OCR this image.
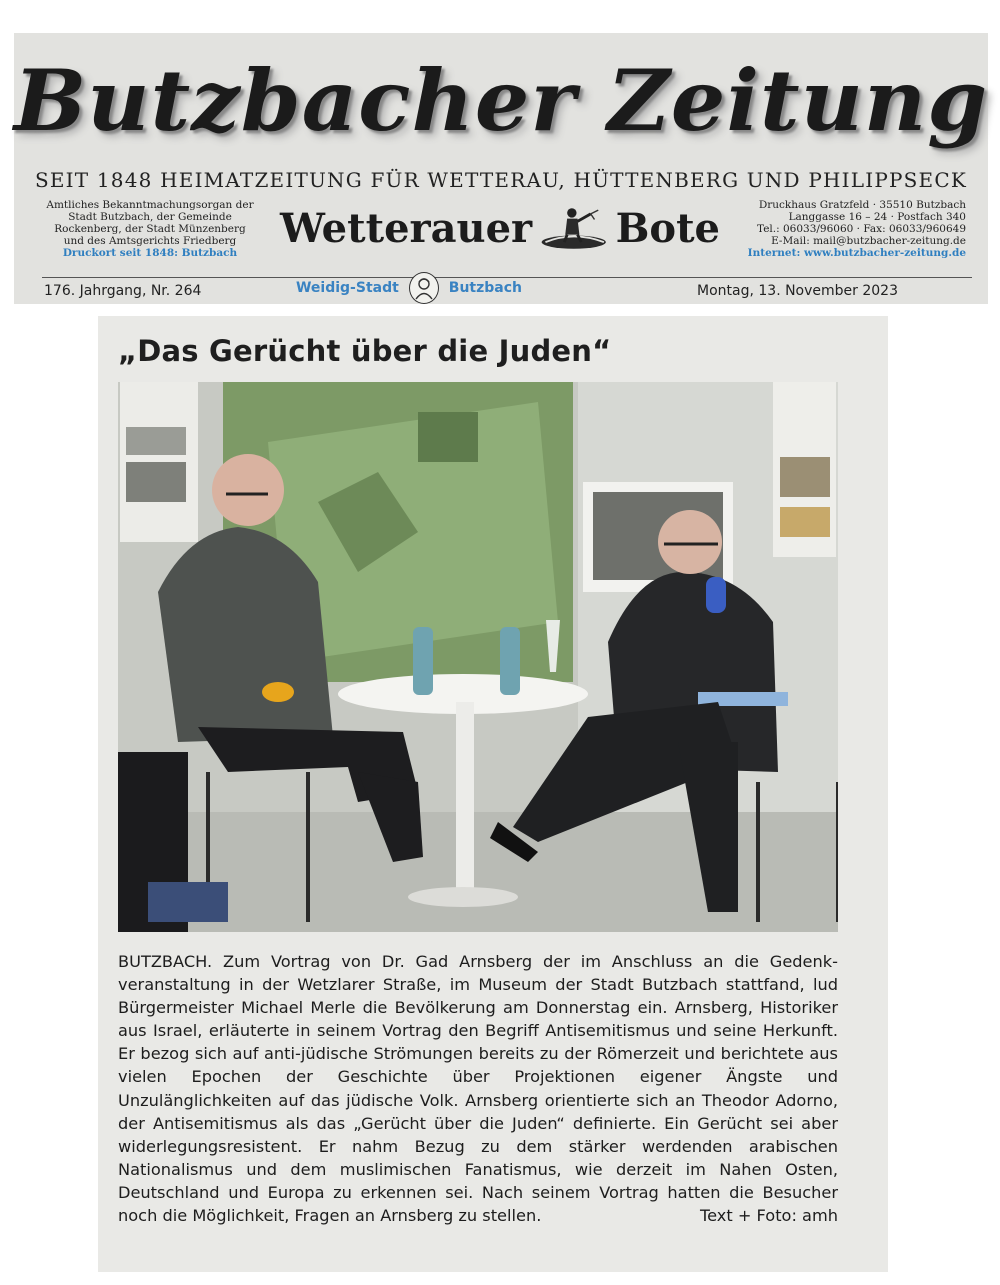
Butzbacher Zeitung
SEIT 1848 HEIMATZEITUNG FÜR WETTERAU, HÜTTENBERG UND PHILIPPSECK
Amtliches Bekanntmachungsorgan der
Stadt Butzbach, der Gemeinde
Rockenberg, der Stadt Münzenberg
und des Amtsgerichts Friedberg
Druckort seit 1848: Butzbach
Wetterauer Bote	Druckhaus Gratzfeld · 35510 Butzbach
Langgasse 16 – 24 · Postfach 340
Tel.: 06033/96060 · Fax: 06033/960649
E-Mail: mail@butzbacher-zeitung.de
Internet: www.butzbacher-zeitung.de
176. Jahrgang, Nr. 264	Weidig-Stadt	Butzbach	Montag, 13. November 2023
„Das Gerücht über die Juden“
BUTZBACH. Zum Vortrag von Dr. Gad Arnsberg der im Anschluss an die Gedenkveranstaltung in der Wetzlarer Straße, im Museum der Stadt Butzbach stattfand, lud Bürgermeister Michael Merle die Bevölkerung am Donnerstag ein. Arnsberg, Historiker aus Israel, erläuterte in seinem Vortrag den Begriff Antisemitismus und seine Herkunft. Er bezog sich auf anti-jüdische Strömungen bereits zu der Römerzeit und berichtete aus vielen Epochen der Geschichte über Projektionen eigener Ängste und Unzulänglichkeiten auf das jüdische Volk. Arnsberg orientierte sich an Theodor Adorno, der Antisemitismus als das „Gerücht über die Juden“ definierte. Ein Gerücht sei aber widerlegungsresistent. Er nahm Bezug zu dem stärker werdenden arabischen Nationalismus und dem muslimischen Fanatismus, wie derzeit im Nahen Osten, Deutschland und Europa zu erkennen sei. Nach seinem Vortrag hatten die Besucher noch die Möglichkeit, Fragen an Arnsberg zu stellen.	Text + Foto: amh
